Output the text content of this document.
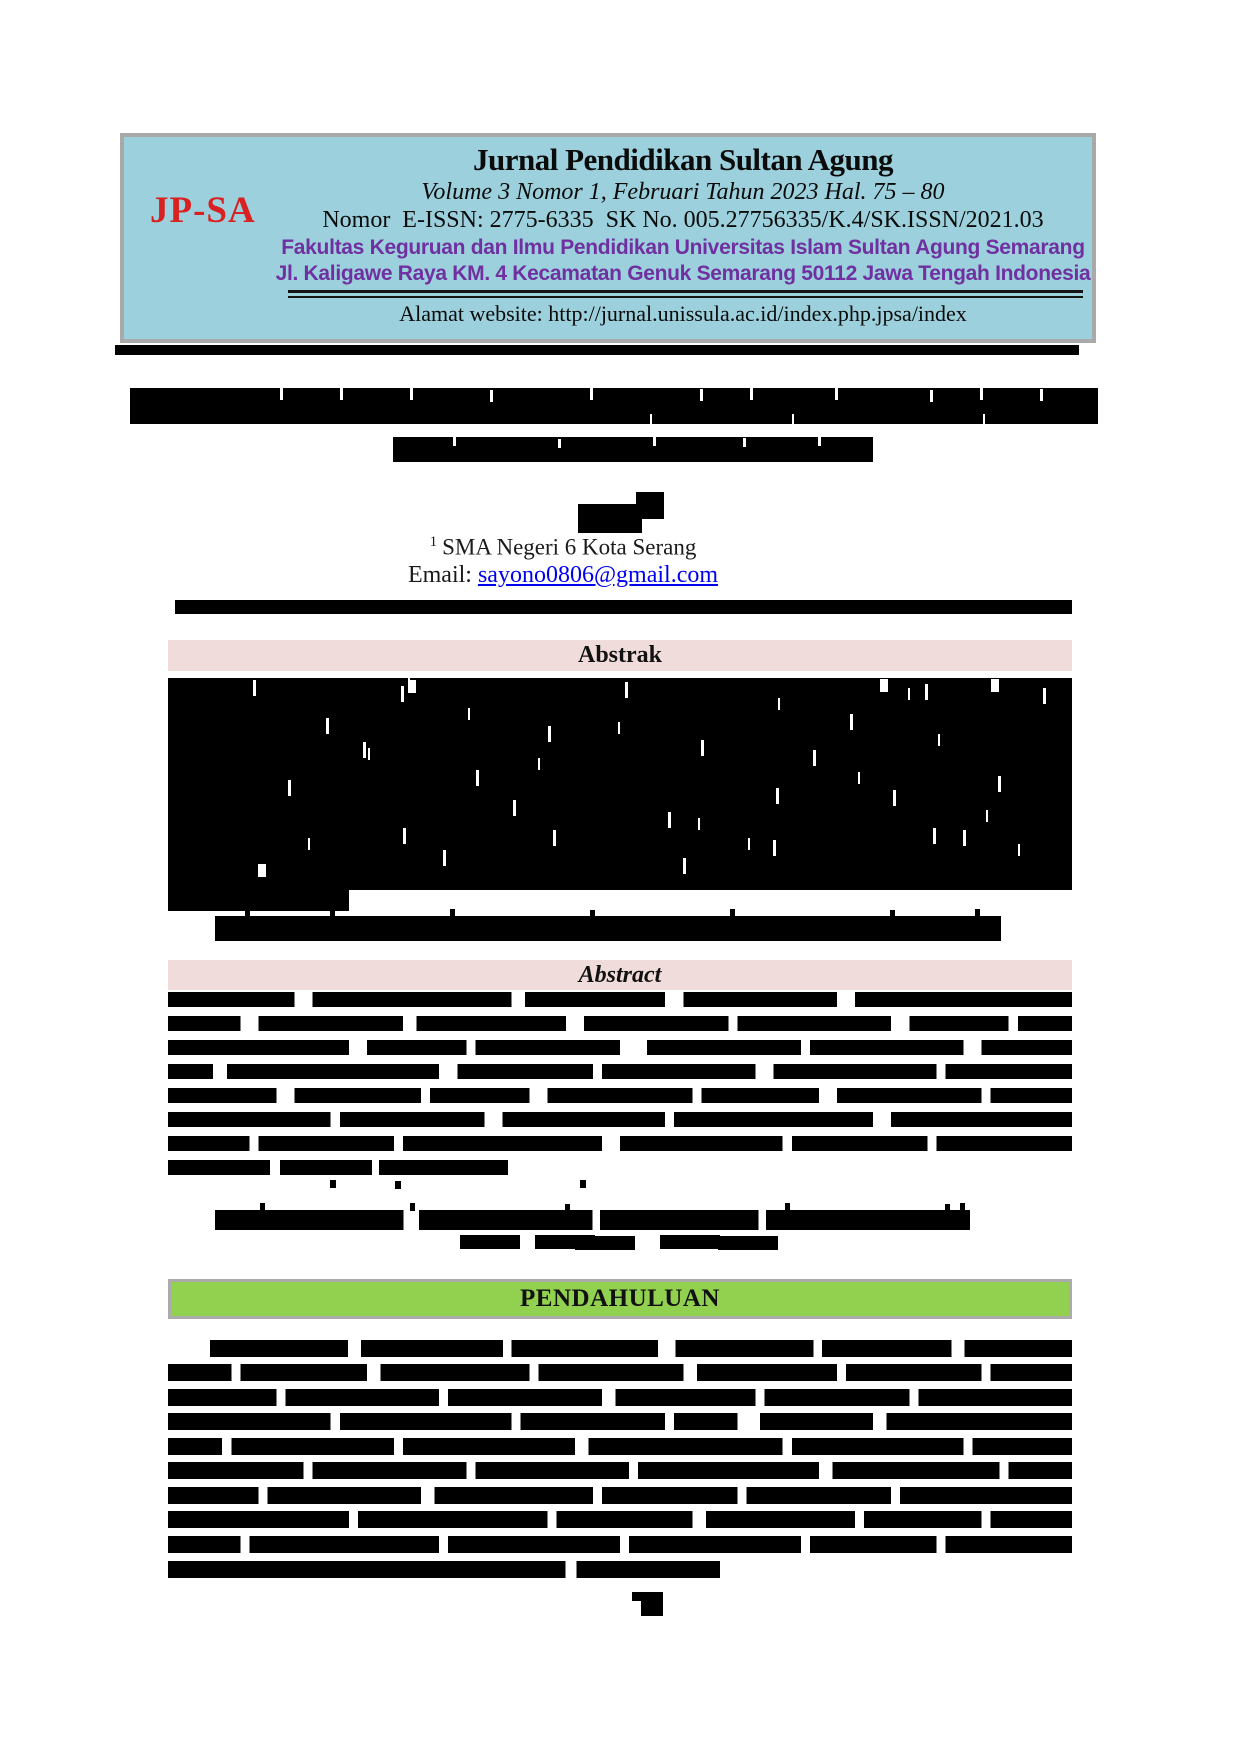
JP-SA
Jurnal Pendidikan Sultan Agung
Volume 3 Nomor 1, Februari Tahun 2023 Hal. 75 – 80
Nomor  E-ISSN: 2775-6335  SK No. 005.27756335/K.4/SK.ISSN/2021.03
Fakultas Keguruan dan Ilmu Pendidikan Universitas Islam Sultan Agung Semarang
Jl. Kaligawe Raya KM. 4 Kecamatan Genuk Semarang 50112 Jawa Tengah Indonesia
Alamat website: http://jurnal.unissula.ac.id/index.php.jpsa/index
$^1$ SMA Negeri 6 Kota Serang
Email: sayono0806@gmail.com
Abstrak
Abstract
PENDAHULUAN
